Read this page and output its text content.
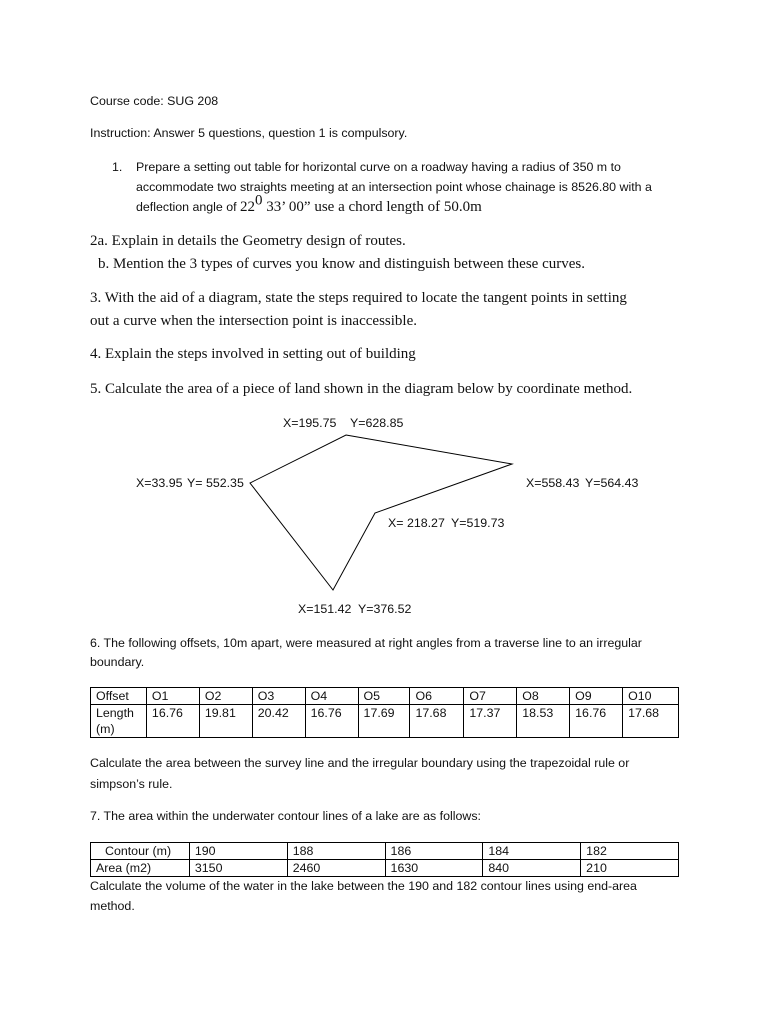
Course code: SUG 208
Instruction: Answer 5 questions, question 1 is compulsory.
1. Prepare a setting out table for horizontal curve on a roadway having a radius of 350 m to
accommodate two straights meeting at an intersection point whose chainage is 8526.80 with a
deflection angle of $22^0$ 33’ 00” use a chord length of 50.0m
2a. Explain in details the Geometry design of routes.
b. Mention the 3 types of curves you know and distinguish between these curves.
3. With the aid of a diagram, state the steps required to locate the tangent points in setting
out a curve when the intersection point is inaccessible.
4. Explain the steps involved in setting out of building
5. Calculate the area of a piece of land shown in the diagram below by coordinate method.
X=195.75 Y=628.85
X=558.43 Y=564.43
X= 218.27 Y=519.73
X=151.42 Y=376.52
X=33.95 Y= 552.35
6. The following offsets, 10m apart, were measured at right angles from a traverse line to an irregular
boundary.
Offset	O1	O2	O3	O4	O5	O6	O7	O8	O9	O10
Length
(m)	16.76	19.81	20.42	16.76	17.69	17.68	17.37	18.53	16.76	17.68
Calculate the area between the survey line and the irregular boundary using the trapezoidal rule or
simpson’s rule.
7. The area within the underwater contour lines of a lake are as follows:
Contour (m)	190	188	186	184	182
Area (m2)	3150	2460	1630	840	210
Calculate the volume of the water in the lake between the 190 and 182 contour lines using end-area
method.
